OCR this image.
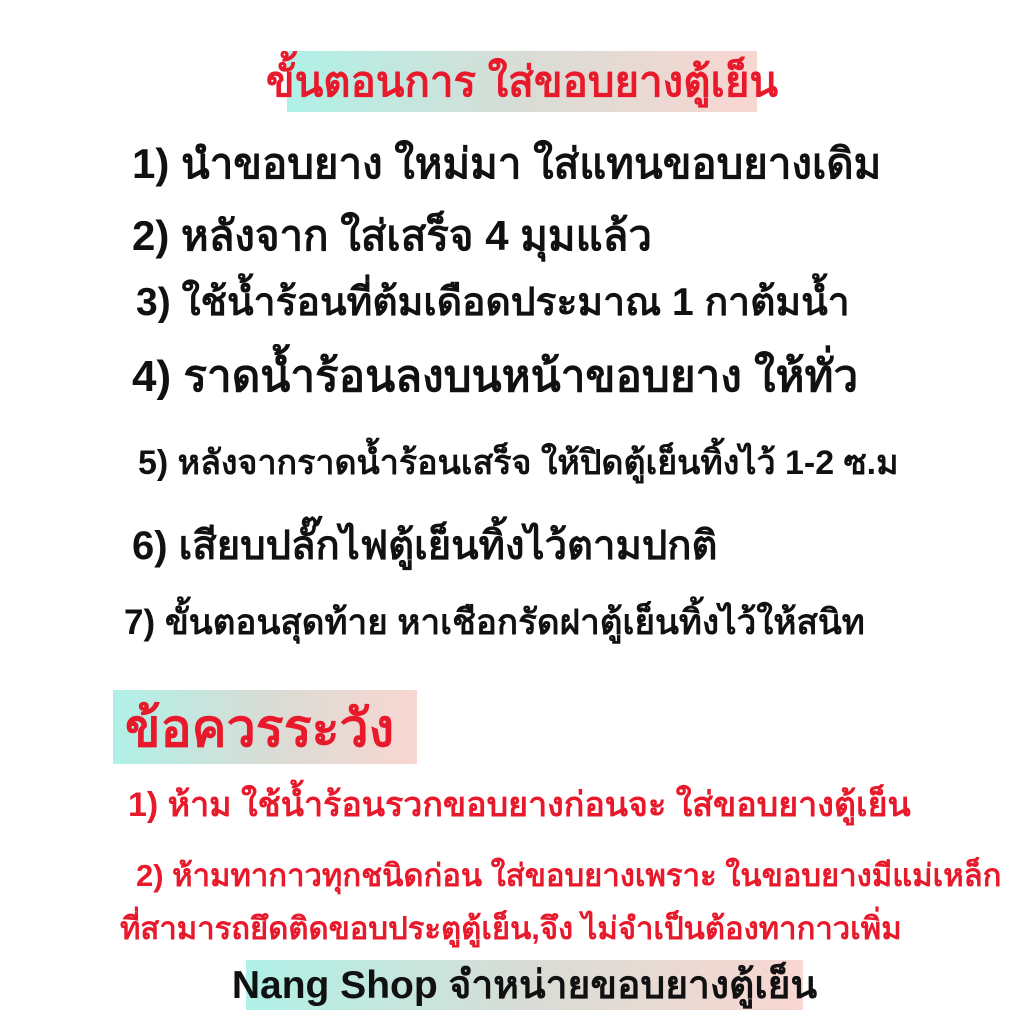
ขั้นตอนการ ใส่ขอบยางตู้เย็น
1) นำขอบยาง ใหม่มา ใส่แทนขอบยางเดิม
2) หลังจาก ใส่เสร็จ 4 มุมแล้ว
3) ใช้น้ำร้อนที่ต้มเดือดประมาณ 1 กาต้มน้ำ
4) ราดน้ำร้อนลงบนหน้าขอบยาง ให้ทั่ว
5) หลังจากราดน้ำร้อนเสร็จ ให้ปิดตู้เย็นทิ้งไว้ 1-2 ซ.ม
6) เสียบปลั๊กไฟตู้เย็นทิ้งไว้ตามปกติ
7) ขั้นตอนสุดท้าย หาเชือกรัดฝาตู้เย็นทิ้งไว้ให้สนิท
ข้อควรระวัง
1) ห้าม ใช้น้ำร้อนรวกขอบยางก่อนจะ ใส่ขอบยางตู้เย็น
2) ห้ามทากาวทุกชนิดก่อน ใส่ขอบยางเพราะ ในขอบยางมีแม่เหล็ก
ที่สามารถยึดติดขอบประตูตู้เย็น,จึง ไม่จำเป็นต้องทากาวเพิ่ม
Nang Shop จำหน่ายขอบยางตู้เย็น
